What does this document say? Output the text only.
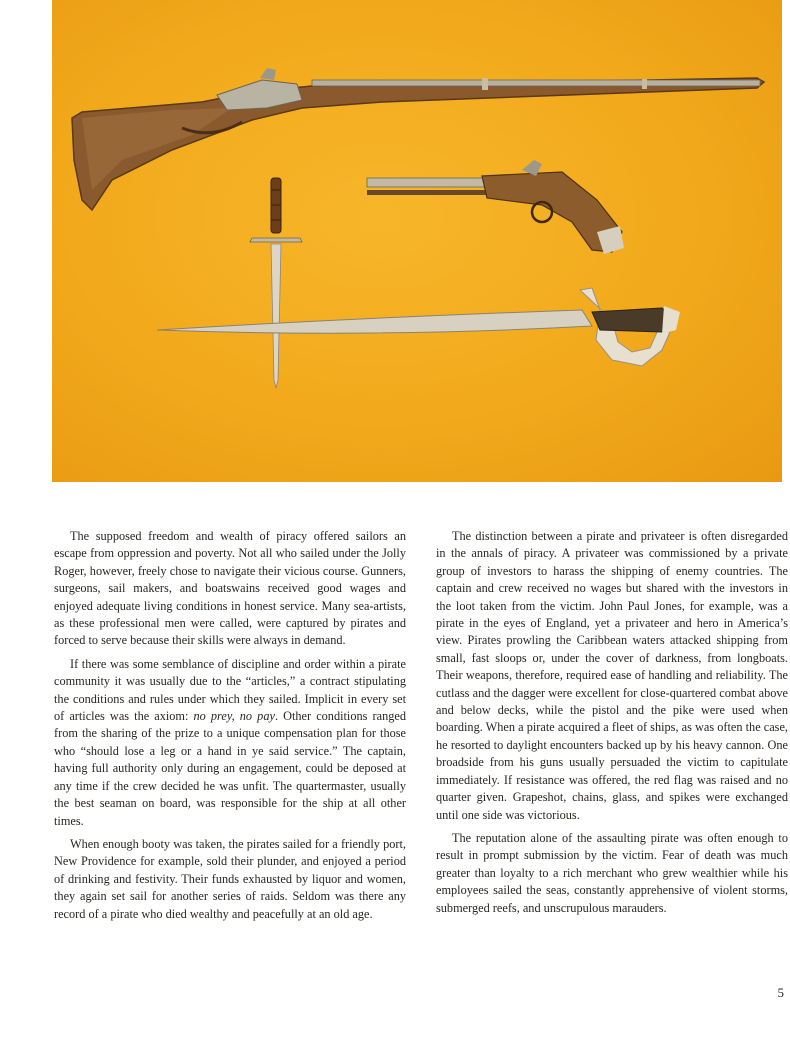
The supposed freedom and wealth of piracy offered sailors an escape from oppression and poverty. Not all who sailed under the Jolly Roger, however, freely chose to navigate their vicious course. Gunners, surgeons, sail makers, and boatswains received good wages and enjoyed adequate living conditions in honest service. Many sea-artists, as these professional men were called, were captured by pirates and forced to serve because their skills were always in demand.

If there was some semblance of discipline and order within a pirate community it was usually due to the “articles,” a contract stipulating the conditions and rules under which they sailed. Implicit in every set of articles was the axiom: no prey, no pay. Other conditions ranged from the sharing of the prize to a unique compensation plan for those who “should lose a leg or a hand in ye said service.” The captain, having full authority only during an engagement, could be deposed at any time if the crew decided he was unfit. The quartermaster, usually the best seaman on board, was responsible for the ship at all other times.

When enough booty was taken, the pirates sailed for a friendly port, New Providence for example, sold their plunder, and enjoyed a period of drinking and festivity. Their funds exhausted by liquor and women, they again set sail for another series of raids. Seldom was there any record of a pirate who died wealthy and peacefully at an old age.

The distinction between a pirate and privateer is often disregarded in the annals of piracy. A privateer was commissioned by a private group of investors to harass the shipping of enemy countries. The captain and crew received no wages but shared with the investors in the loot taken from the victim. John Paul Jones, for example, was a pirate in the eyes of England, yet a privateer and hero in America’s view. Pirates prowling the Caribbean waters attacked shipping from small, fast sloops or, under the cover of darkness, from longboats. Their weapons, therefore, required ease of handling and reliability. The cutlass and the dagger were excellent for close-quartered combat above and below decks, while the pistol and the pike were used when boarding. When a pirate acquired a fleet of ships, as was often the case, he resorted to daylight encounters backed up by his heavy cannon. One broadside from his guns usually persuaded the victim to capitulate immediately. If resistance was offered, the red flag was raised and no quarter given. Grapeshot, chains, glass, and spikes were exchanged until one side was victorious.

The reputation alone of the assaulting pirate was often enough to result in prompt submission by the victim. Fear of death was much greater than loyalty to a rich merchant who grew wealthier while his employees sailed the seas, constantly apprehensive of violent storms, submerged reefs, and unscrupulous marauders.

5
